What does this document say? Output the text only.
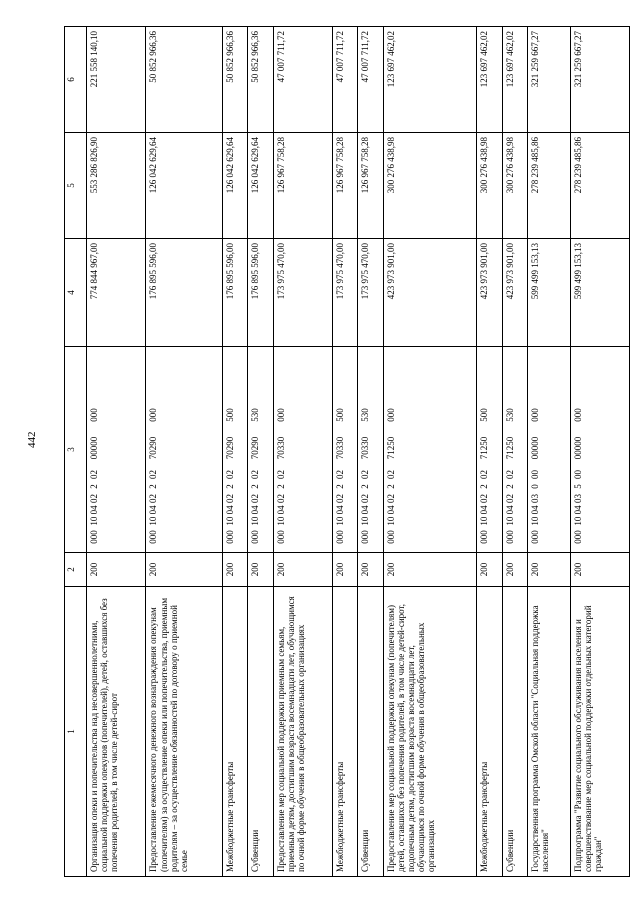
442
1	2	3	4	5	6
Организация опеки и попечительства над несовершеннолетними, социальной поддержки опекунов (попечителей), детей, оставшихся без попечения родителей, в том числе детей-сирот	200	00010 040220200000000	774 844 967,00	553 286 826,90	221 558 140,10
Предоставление ежемесячного денежного вознаграждения опекунам (попечителям) за осуществление опеки или попечительства, приемным родителям – за осуществление обязанностей по договору о приемной семье	200	00010 040220270290000	176 895 596,00	126 042 629,64	50 852 966,36
Межбюджетные трансферты	200	00010 040220270290500	176 895 596,00	126 042 629,64	50 852 966,36
Субвенции	200	00010 040220270290530	176 895 596,00	126 042 629,64	50 852 966,36
Предоставление мер социальной поддержки приемным семьям, приемным детям, достигшим возраста восемнадцати лет, обучающимся по очной форме обучения в общеобразовательных организациях	200	00010 040220270330000	173 975 470,00	126 967 758,28	47 007 711,72
Межбюджетные трансферты	200	00010 040220270330500	173 975 470,00	126 967 758,28	47 007 711,72
Субвенции	200	00010 040220270330530	173 975 470,00	126 967 758,28	47 007 711,72
Предоставление мер социальной поддержки опекунам (попечителям) детей, оставшихся без попечения родителей, в том числе детей-сирот, подопечным детям, достигшим возраста восемнадцати лет, обучающимся по очной форме обучения в общеобразовательных организациях	200	00010 040220271250000	423 973 901,00	300 276 438,98	123 697 462,02
Межбюджетные трансферты	200	00010 040220271250500	423 973 901,00	300 276 438,98	123 697 462,02
Субвенции	200	00010 040220271250530	423 973 901,00	300 276 438,98	123 697 462,02
Государственная программа Омской области "Социальная поддержка населения"	200	00010 040300000000000	599 499 153,13	278 239 485,86	321 259 667,27
Подпрограмма "Развитие социального обслуживания населения и совершенствование мер социальной поддержки отдельных категорий граждан"	200	00010 040350000000000	599 499 153,13	278 239 485,86	321 259 667,27
